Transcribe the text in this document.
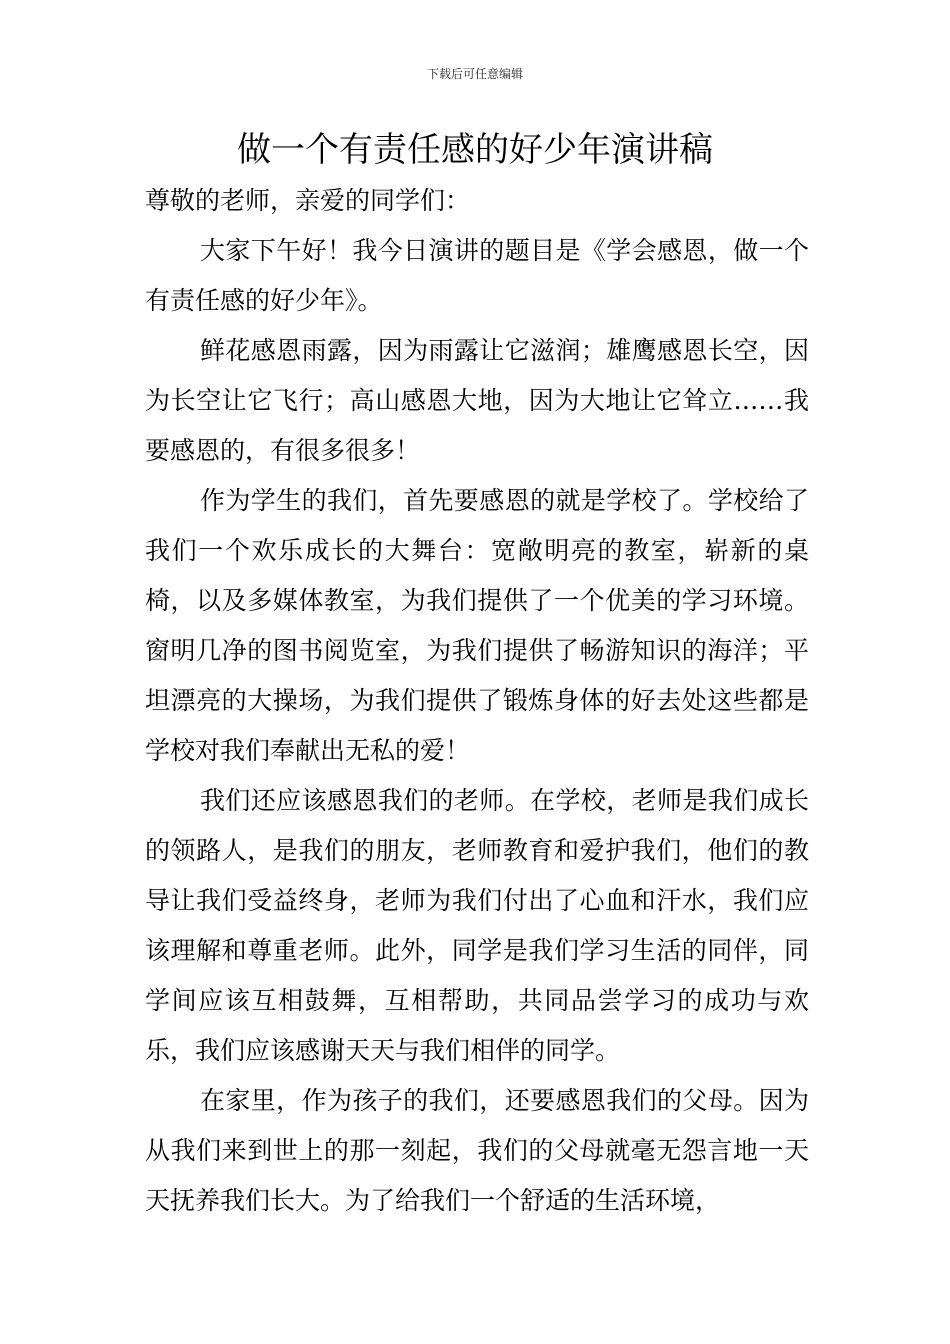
下载后可任意编辑
做一个有责任感的好少年演讲稿

尊敬的老师，亲爱的同学们：

大家下午好！我今日演讲的题目是《学会感恩，做一个有责任感的好少年》。

鲜花感恩雨露，因为雨露让它滋润；雄鹰感恩长空，因为长空让它飞行；高山感恩大地，因为大地让它耸立……我要感恩的，有很多很多！

作为学生的我们，首先要感恩的就是学校了。学校给了我们一个欢乐成长的大舞台：宽敞明亮的教室，崭新的桌椅，以及多媒体教室，为我们提供了一个优美的学习环境。窗明几净的图书阅览室，为我们提供了畅游知识的海洋；平坦漂亮的大操场，为我们提供了锻炼身体的好去处这些都是学校对我们奉献出无私的爱！

我们还应该感恩我们的老师。在学校，老师是我们成长的领路人，是我们的朋友，老师教育和爱护我们，他们的教导让我们受益终身，老师为我们付出了心血和汗水，我们应该理解和尊重老师。此外，同学是我们学习生活的同伴，同学间应该互相鼓舞，互相帮助，共同品尝学习的成功与欢乐，我们应该感谢天天与我们相伴的同学。

在家里，作为孩子的我们，还要感恩我们的父母。因为从我们来到世上的那一刻起，我们的父母就毫无怨言地一天天抚养我们长大。为了给我们一个舒适的生活环境，
